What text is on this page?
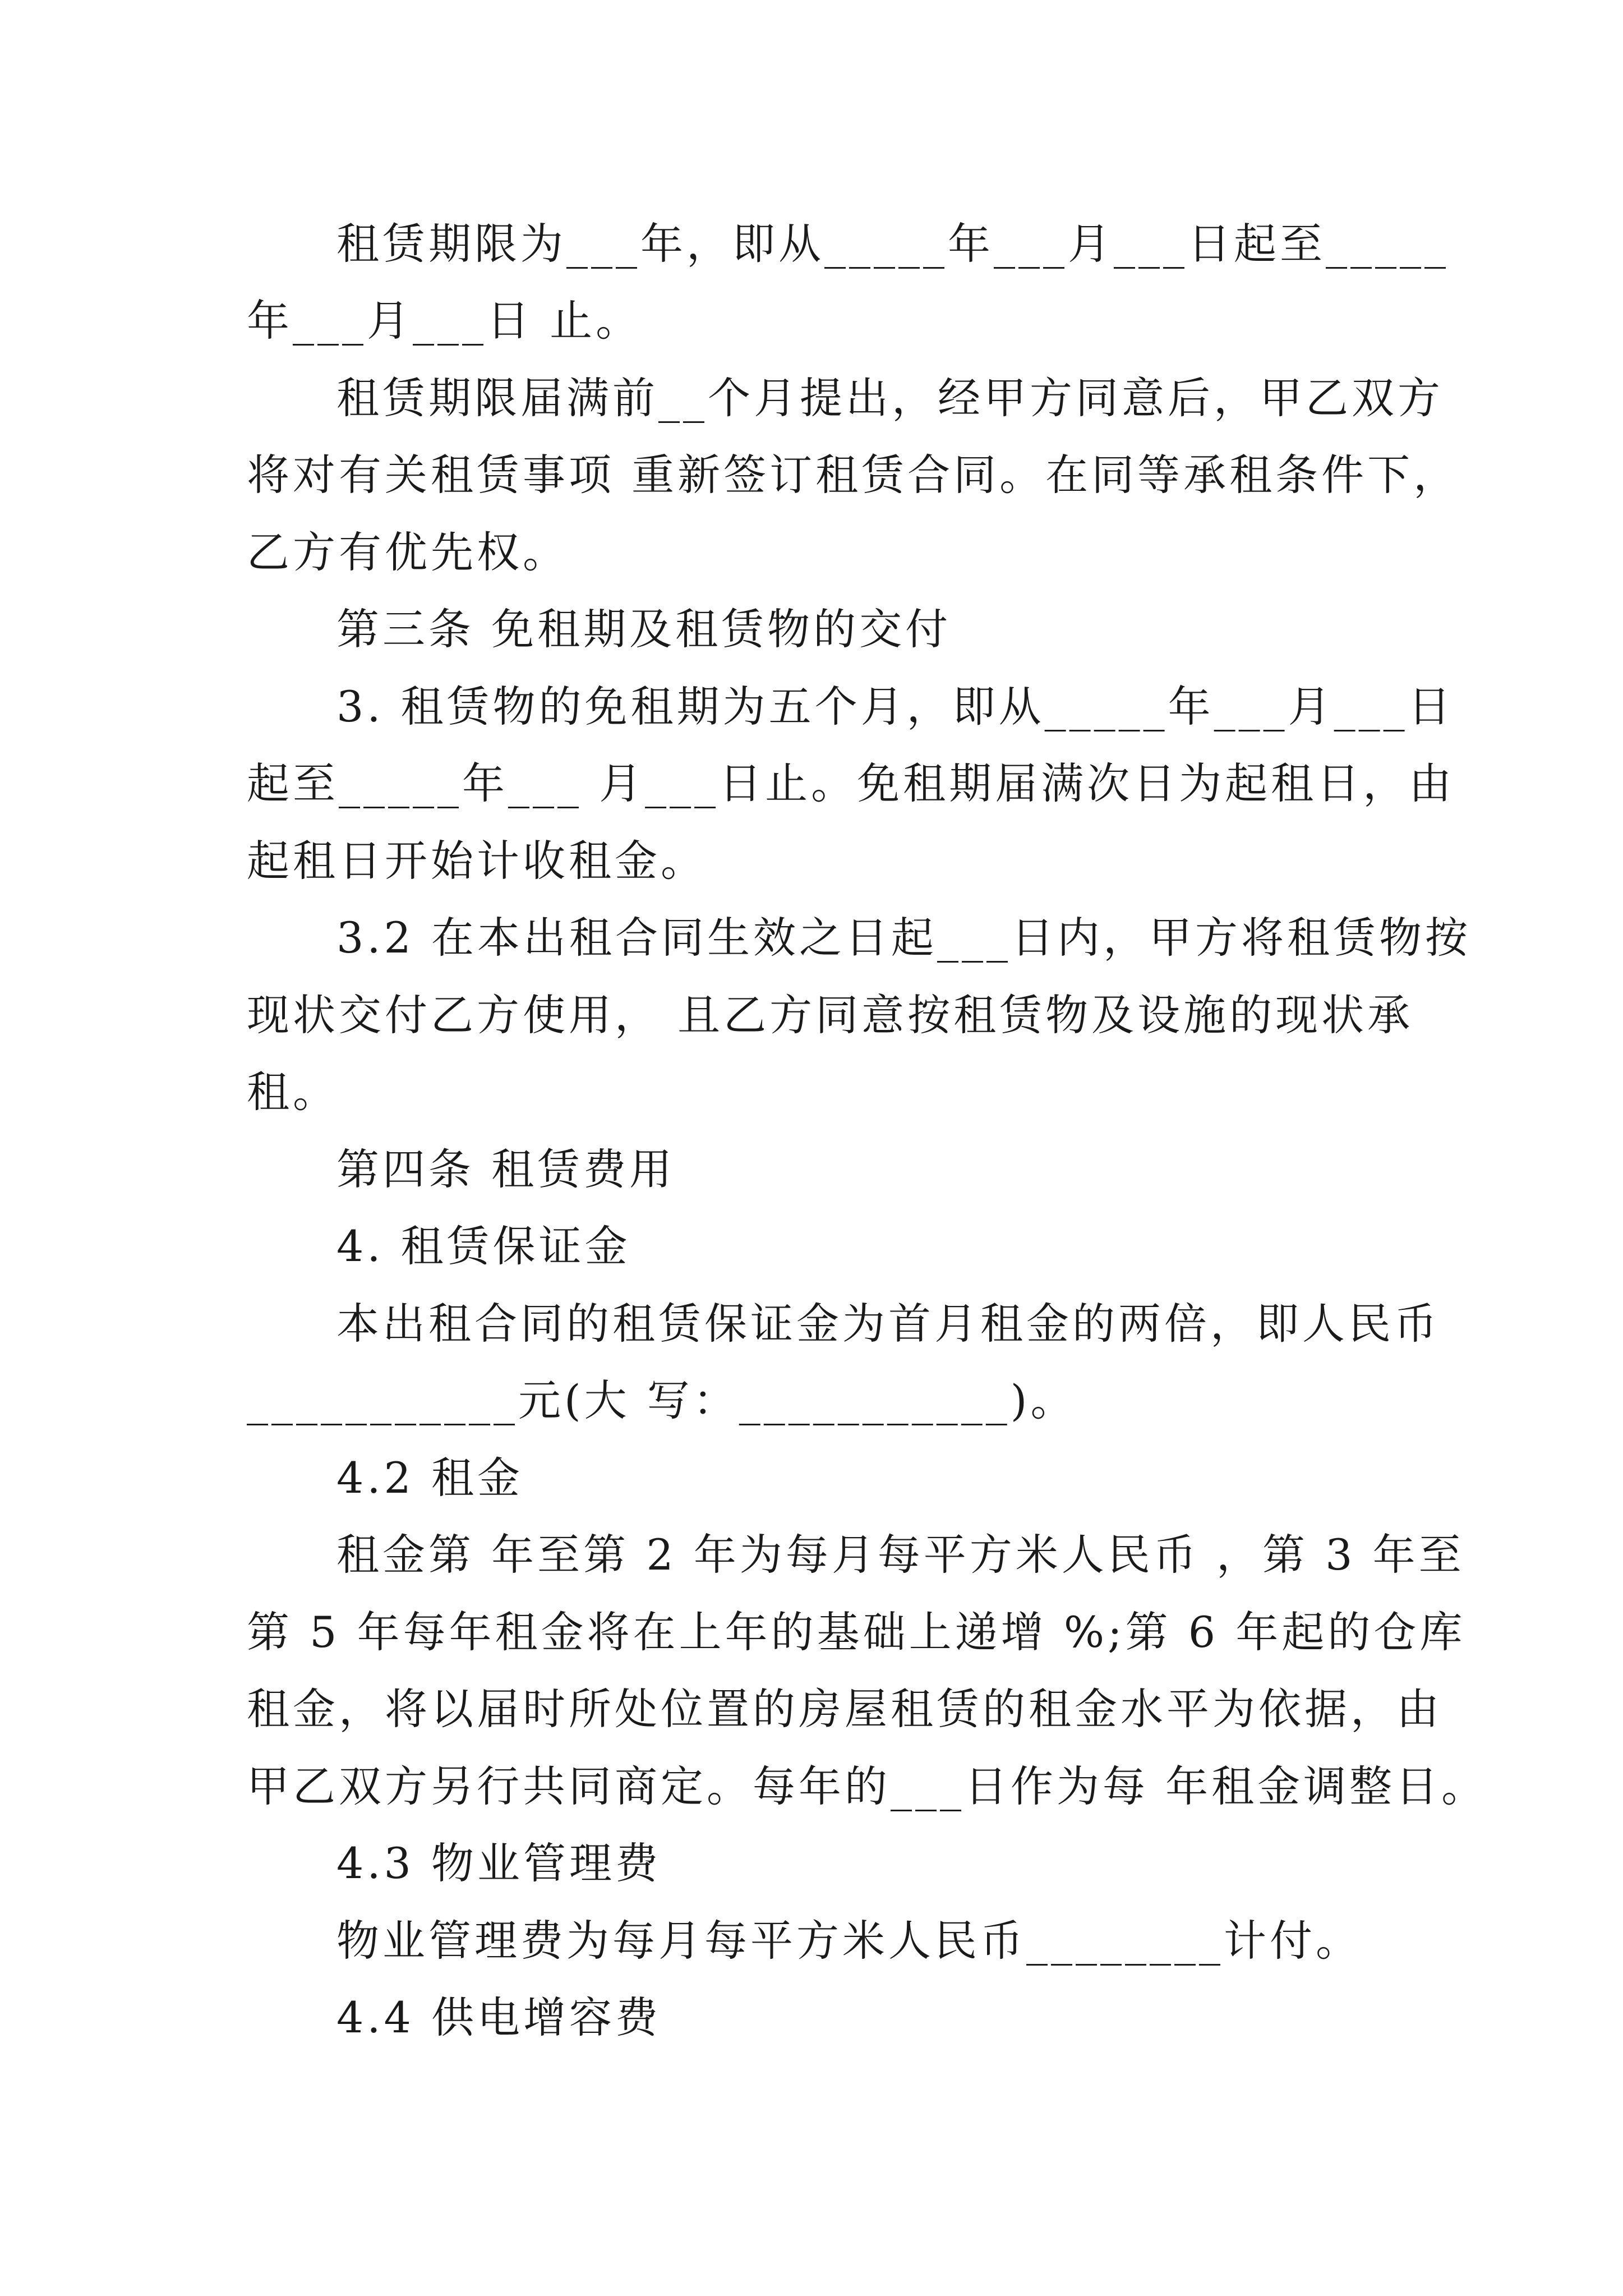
租赁期限为___年，即从_____年___月___日起至_____
年___月___日 止。
租赁期限届满前__个月提出，经甲方同意后，甲乙双方
将对有关租赁事项 重新签订租赁合同。在同等承租条件下，
乙方有优先权。
第三条 免租期及租赁物的交付
3. 租赁物的免租期为五个月，即从_____年___月___日
起至_____年___ 月___日止。免租期届满次日为起租日，由
起租日开始计收租金。
3.2 在本出租合同生效之日起___日内，甲方将租赁物按
现状交付乙方使用， 且乙方同意按租赁物及设施的现状承
租。
第四条 租赁费用
4. 租赁保证金
本出租合同的租赁保证金为首月租金的两倍，即人民币
___________元(大 写：___________)。
4.2 租金
租金第 年至第 2 年为每月每平方米人民币 ，第 3 年至
第 5 年每年租金将在上年的基础上递增 %;第 6 年起的仓库
租金，将以届时所处位置的房屋租赁的租金水平为依据，由
甲乙双方另行共同商定。每年的___日作为每 年租金调整日。
4.3 物业管理费
物业管理费为每月每平方米人民币________计付。
4.4 供电增容费
